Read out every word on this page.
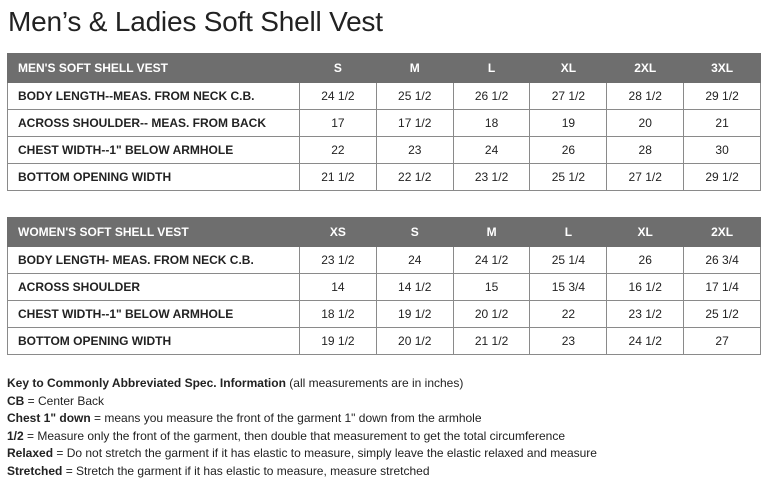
Men’s & Ladies Soft Shell Vest
MEN'S SOFT SHELL VEST	S	M	L	XL	2XL	3XL
BODY LENGTH--MEAS. FROM NECK C.B.	24 1/2	25 1/2	26 1/2	27 1/2	28 1/2	29 1/2
ACROSS SHOULDER-- MEAS. FROM BACK	17	17 1/2	18	19	20	21
CHEST WIDTH--1" BELOW ARMHOLE	22	23	24	26	28	30
BOTTOM OPENING WIDTH	21 1/2	22 1/2	23 1/2	25 1/2	27 1/2	29 1/2
WOMEN'S SOFT SHELL VEST	XS	S	M	L	XL	2XL
BODY LENGTH- MEAS. FROM NECK C.B.	23 1/2	24	24 1/2	25 1/4	26	26 3/4
ACROSS SHOULDER	14	14 1/2	15	15 3/4	16 1/2	17 1/4
CHEST WIDTH--1" BELOW ARMHOLE	18 1/2	19 1/2	20 1/2	22	23 1/2	25 1/2
BOTTOM OPENING WIDTH	19 1/2	20 1/2	21 1/2	23	24 1/2	27
Key to Commonly Abbreviated Spec. Information (all measurements are in inches)
CB = Center Back
Chest 1" down = means you measure the front of the garment 1" down from the armhole
1/2 = Measure only the front of the garment, then double that measurement to get the total circumference
Relaxed = Do not stretch the garment if it has elastic to measure, simply leave the elastic relaxed and measure
Stretched = Stretch the garment if it has elastic to measure, measure stretched
